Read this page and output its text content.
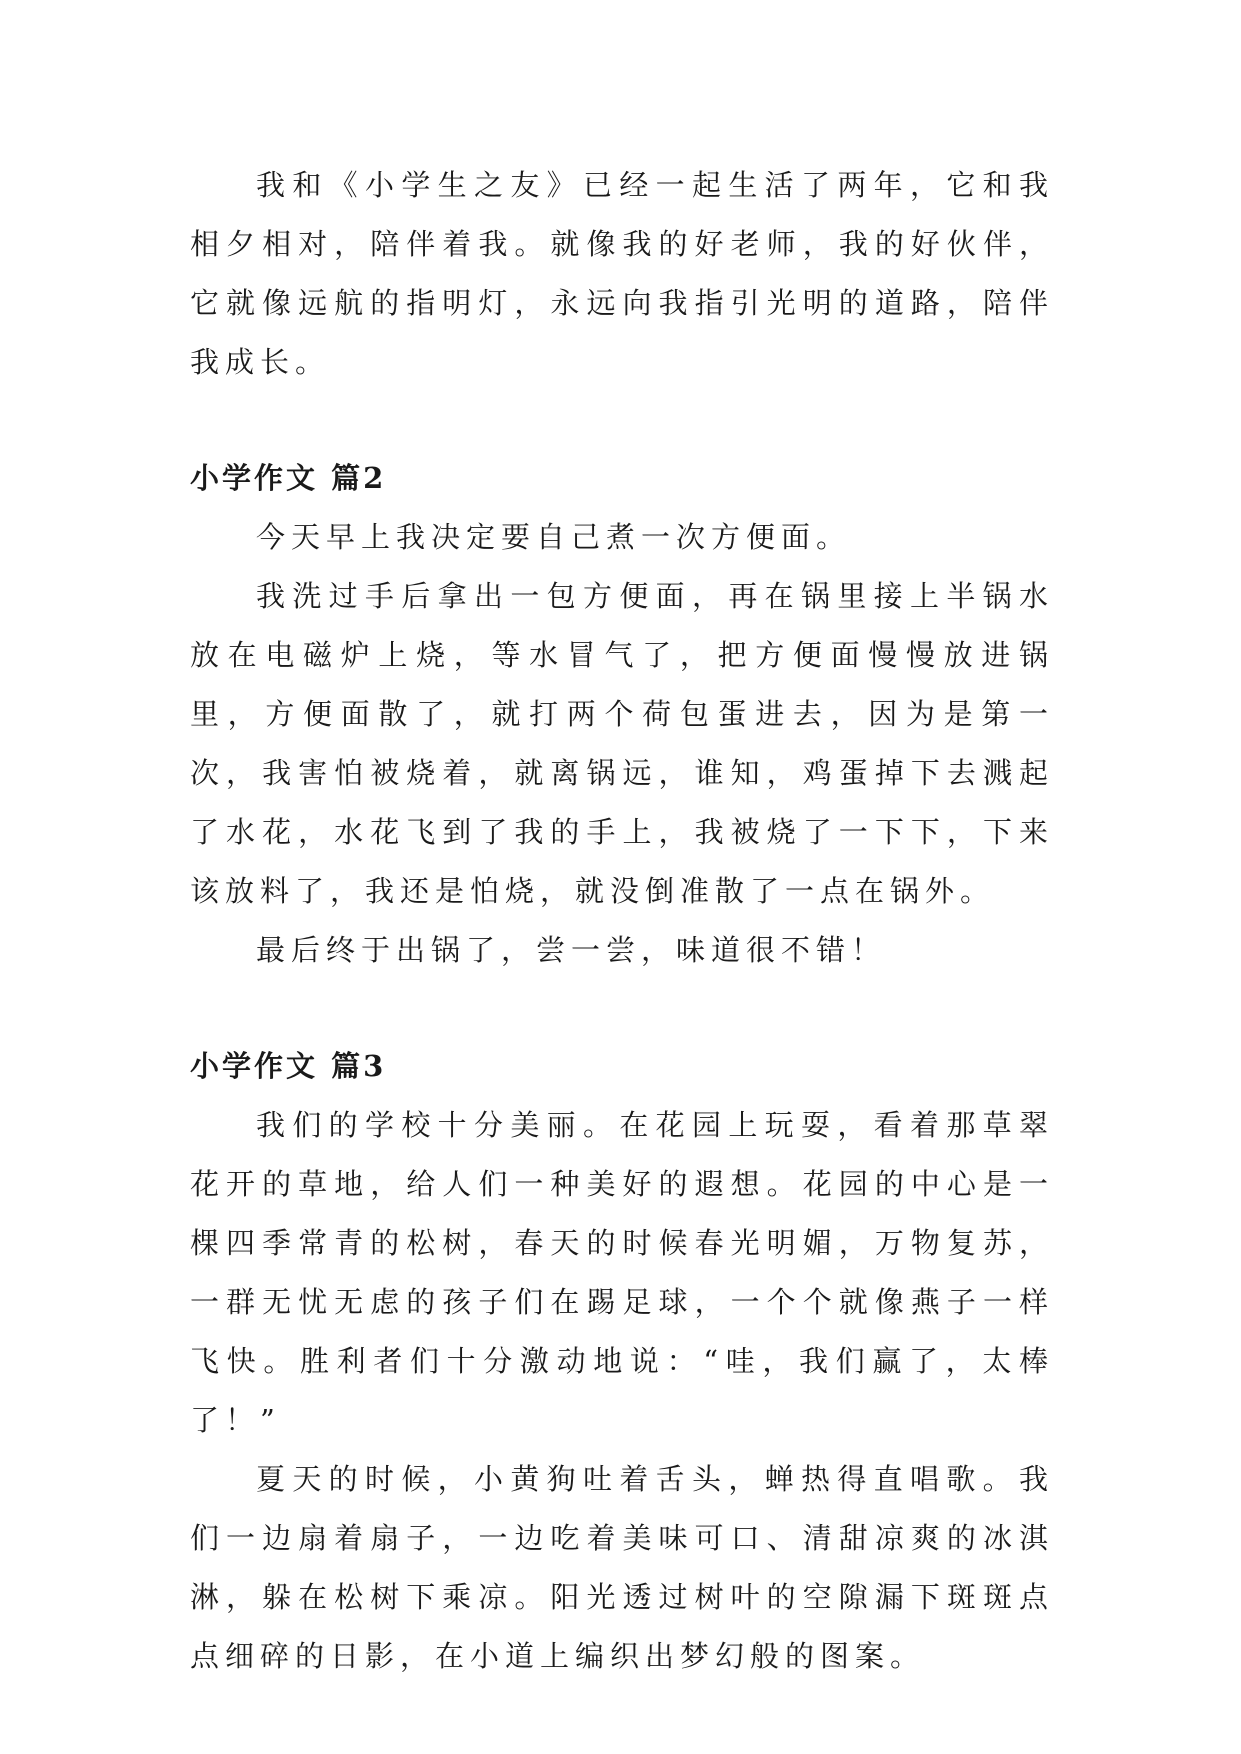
我和《小学生之友》已经一起生活了两年，它和我相夕相对，陪伴着我。就像我的好老师，我的好伙伴，它就像远航的指明灯，永远向我指引光明的道路，陪伴我成长。

小学作文 篇2

今天早上我决定要自己煮一次方便面。

我洗过手后拿出一包方便面，再在锅里接上半锅水放在电磁炉上烧，等水冒气了，把方便面慢慢放进锅里，方便面散了，就打两个荷包蛋进去，因为是第一次，我害怕被烧着，就离锅远，谁知，鸡蛋掉下去溅起了水花，水花飞到了我的手上，我被烧了一下下，下来该放料了，我还是怕烧，就没倒准散了一点在锅外。

最后终于出锅了，尝一尝，味道很不错！

小学作文 篇3

我们的学校十分美丽。在花园上玩耍，看着那草翠花开的草地，给人们一种美好的遐想。花园的中心是一棵四季常青的松树，春天的时候春光明媚，万物复苏，一群无忧无虑的孩子们在踢足球，一个个就像燕子一样飞快。胜利者们十分激动地说：“哇，我们赢了，太棒了！”

夏天的时候，小黄狗吐着舌头，蝉热得直唱歌。我们一边扇着扇子，一边吃着美味可口、清甜凉爽的冰淇淋，躲在松树下乘凉。阳光透过树叶的空隙漏下斑斑点点细碎的日影，在小道上编织出梦幻般的图案。
